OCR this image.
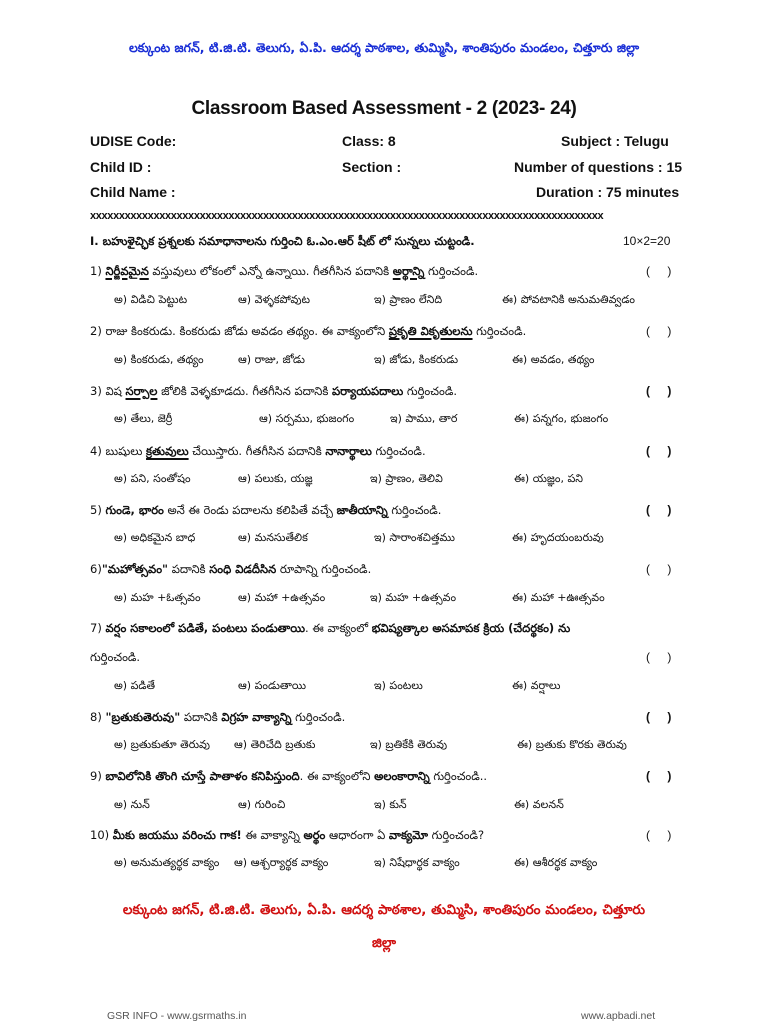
లక్కుంట జగన్, టి.జి.టి. తెలుగు, ఏ.పి. ఆదర్శ పాఠశాల, తుమ్మిసి, శాంతిపురం మండలం, చిత్తూరు జిల్లా
Classroom Based Assessment - 2 (2023- 24)
UDISE Code:	Class: 8	Subject : Telugu
Child ID :	Section :	Number of questions : 15
Child Name :	Duration : 75 minutes
xxxxxxxxxxxxxxxxxxxxxxxxxxxxxxxxxxxxxxxxxxxxxxxxxxxxxxxxxxxxxxxxxxxxxxxxxxxxxxxxxxxxxxxxx
I. బహుళైచ్ఛిక ప్రశ్నలకు సమాధానాలను గుర్తించి ఓ.ఎం.ఆర్ షీట్ లో సున్నలు చుట్టండి.	10×2=20
1) నిర్జీవమైన వస్తువులు లోకంలో ఎన్నో ఉన్నాయి. గీతగీసిన పదానికి అర్థాన్ని గుర్తించండి.	( )
అ) విడిచి పెట్టుట	ఆ) వెళ్ళకపోవుట	ఇ) ప్రాణం లేనిది	ఈ) పోవటానికి అనుమతివ్వడం
2) రాజు కింకరుడు. కింకరుడు జోడు అవడం తథ్యం. ఈ వాక్యంలోని ప్రకృతి వికృతులను గుర్తించండి.	( )
అ) కింకరుడు, తథ్యం	ఆ) రాజు, జోడు	ఇ) జోడు, కింకరుడు	ఈ) అవడం, తథ్యం
3) విష సర్పాల జోలికి వెళ్ళకూడదు. గీతగీసిన పదానికి పర్యాయపదాలు గుర్తించండి.	( )
అ) తేలు, జెర్రీ	ఆ) సర్పము, భుజంగం	ఇ) పాము, తార	ఈ) పన్నగం, భుజంగం
4) బుషులు క్రతువులు చేయిస్తారు. గీతగీసిన పదానికి నానార్థాలు గుర్తించండి.	( )
అ) పని, సంతోషం	ఆ) పలుకు, యజ్ఞ	ఇ) ప్రాణం, తెలివి	ఈ) యజ్ఞం, పని
5) గుండె, భారం అనే ఈ రెండు పదాలను కలిపితే వచ్చే జాతీయాన్ని గుర్తించండి.	( )
అ) అధికమైన బాధ	ఆ) మనసుతేలిక	ఇ) సారాంశచిత్తము	ఈ) హృదయంబరువు
6)"మహోత్సవం" పదానికి సంధి విడదీసిన రూపాన్ని గుర్తించండి.	( )
అ) మహ +ఓత్సవం	ఆ) మహా +ఉత్సవం	ఇ) మహ +ఉత్సవం	ఈ) మహా +ఊత్సవం
7) వర్షం సకాలంలో పడితే, పంటలు పండుతాయి. ఈ వాక్యంలో భవిష్యత్కాల అసమాపక క్రియ (చేదర్థకం) ను
గుర్తించండి.	( )
అ) పడితే	ఆ) పండుతాయి	ఇ) పంటలు	ఈ) వర్షాలు
8) "బ్రతుకుతెరువు" పదానికి విగ్రహ వాక్యాన్ని గుర్తించండి.	( )
అ) బ్రతుకుతూ తెరువు ఆ) తెరిచేది బ్రతుకు	ఇ) బ్రతికేకి తెరువు	ఈ) బ్రతుకు కొరకు తెరువు
9) బావిలోనికి తొంగి చూస్తే పాతాళం కనిపిస్తుంది. ఈ వాక్యంలోని అలంకారాన్ని గుర్తించండి..	( )
అ) నున్	ఆ) గురించి	ఇ) కున్	ఈ) వలనన్
10) మీకు జయము వరించు గాక! ఈ వాక్యాన్ని అర్థం ఆధారంగా ఏ వాక్యమో గుర్తించండి?	( )
అ) అనుమత్యర్థక వాక్యం ఆ) ఆశ్చర్యార్థక వాక్యం	ఇ) నిషేధార్థక వాక్యం	ఈ) ఆశీరర్థక వాక్యం
లక్కుంట జగన్, టి.జి.టి. తెలుగు, ఏ.పి. ఆదర్శ పాఠశాల, తుమ్మిసి, శాంతిపురం మండలం, చిత్తూరు
జిల్లా
GSR INFO - www.gsrmaths.in	www.apbadi.net
